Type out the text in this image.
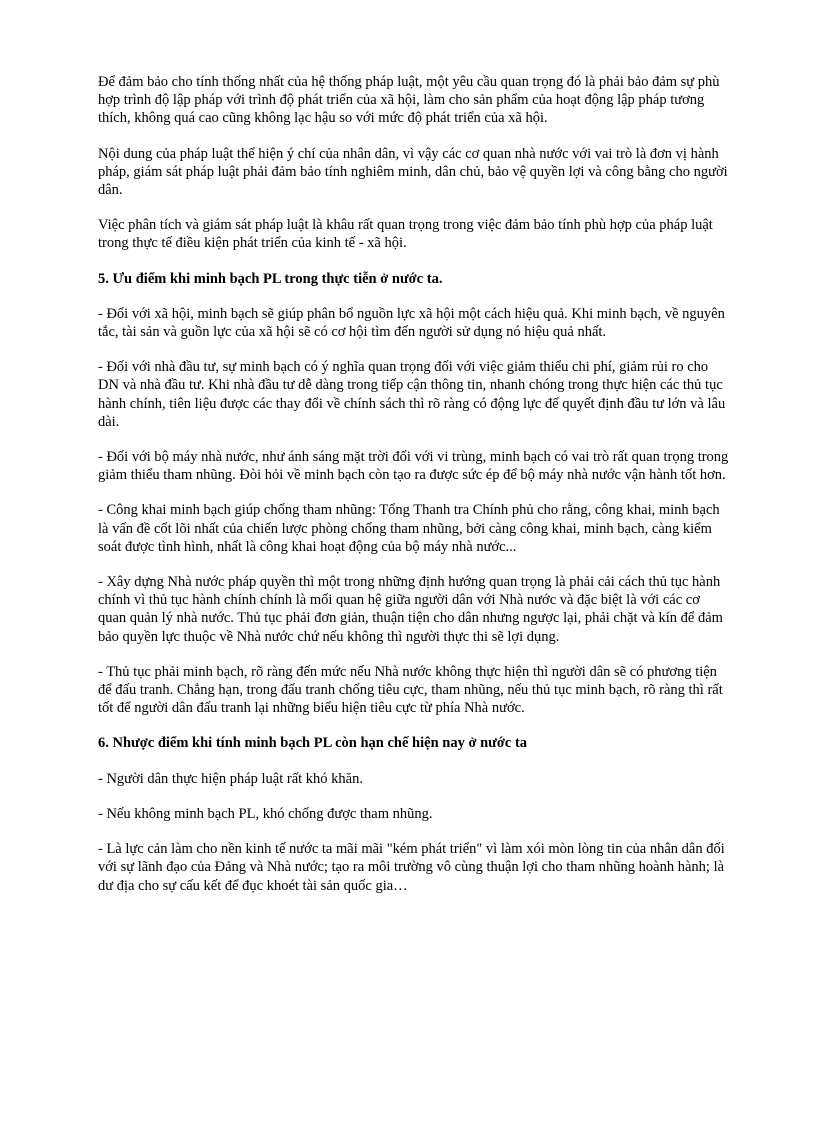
Để đảm bảo cho tính thống nhất của hệ thống pháp luật, một yêu cầu quan trọng đó là phải bảo đảm sự phù hợp trình độ lập pháp với trình độ phát triển của xã hội, làm cho sản phẩm của hoạt động lập pháp tương thích, không quá cao cũng không lạc hậu so với mức độ phát triển của xã hội.

Nội dung của pháp luật thể hiện ý chí của nhân dân, vì vậy các cơ quan nhà nước với vai trò là đơn vị hành pháp, giám sát pháp luật phải đảm bảo tính nghiêm minh, dân chủ, bảo vệ quyền lợi và công bằng cho người dân.

Việc phân tích và giám sát pháp luật là khâu rất quan trọng trong việc đảm bảo tính phù hợp của pháp luật trong thực tế điều kiện phát triển của kinh tế - xã hội.

5. Ưu điểm khi minh bạch PL trong thực tiễn ở nước ta.

- Đối với xã hội, minh bạch sẽ giúp phân bổ nguồn lực xã hội một cách hiệu quả. Khi minh bạch, về nguyên tắc, tài sản và guồn lực của xã hội sẽ có cơ hội tìm đến người sử dụng nó hiệu quả nhất.

- Đối với nhà đầu tư, sự minh bạch có ý nghĩa quan trọng đối với việc giảm thiểu chi phí, giảm rủi ro cho DN và nhà đầu tư. Khi nhà đầu tư dễ dàng trong tiếp cận thông tin, nhanh chóng trong thực hiện các thủ tục hành chính, tiên liệu được các thay đổi về chính sách thì rõ ràng có động lực để quyết định đầu tư lớn và lâu dài.

- Đối với bộ máy nhà nước, như ánh sáng mặt trời đối với vi trùng, minh bạch có vai trò rất quan trọng trong giảm thiểu tham nhũng. Đòi hỏi về minh bạch còn tạo ra được sức ép để bộ máy nhà nước vận hành tốt hơn.

- Công khai minh bạch giúp chống tham nhũng: Tổng Thanh tra Chính phủ cho rằng, công khai, minh bạch là vấn đề cốt lõi nhất của chiến lược phòng chống tham nhũng, bởi càng công khai, minh bạch, càng kiểm soát được tình hình, nhất là công khai hoạt động của bộ máy nhà nước...

- Xây dựng Nhà nước pháp quyền thì một trong những định hướng quan trọng là phải cải cách thủ tục hành chính vì thủ tục hành chính chính là mối quan hệ giữa người dân với Nhà nước và đặc biệt là với các cơ quan quản lý nhà nước. Thủ tục phải đơn giản, thuận tiện cho dân nhưng ngược lại, phải chặt và kín để đảm bảo quyền lực thuộc về Nhà nước chứ nếu không thì người thực thi sẽ lợi dụng.

- Thủ tục phải minh bạch, rõ ràng đến mức nếu Nhà nước không thực hiện thì người dân sẽ có phương tiện để đấu tranh. Chẳng hạn, trong đấu tranh chống tiêu cực, tham nhũng, nếu thủ tục minh bạch, rõ ràng thì rất tốt để người dân đấu tranh lại những biểu hiện tiêu cực từ phía Nhà nước.

6. Nhược điểm khi tính minh bạch PL còn hạn chế hiện nay ở nước ta

- Người dân thực hiện pháp luật rất khó khăn.

- Nếu không minh bạch PL, khó chống được tham nhũng.

- Là lực cản làm cho nền kinh tế nước ta mãi mãi "kém phát triển" vì làm xói mòn lòng tin của nhân dân đối với sự lãnh đạo của Đảng và Nhà nước; tạo ra môi trường vô cùng thuận lợi cho tham nhũng hoành hành; là dư địa cho sự cấu kết để đục khoét tài sản quốc gia…
